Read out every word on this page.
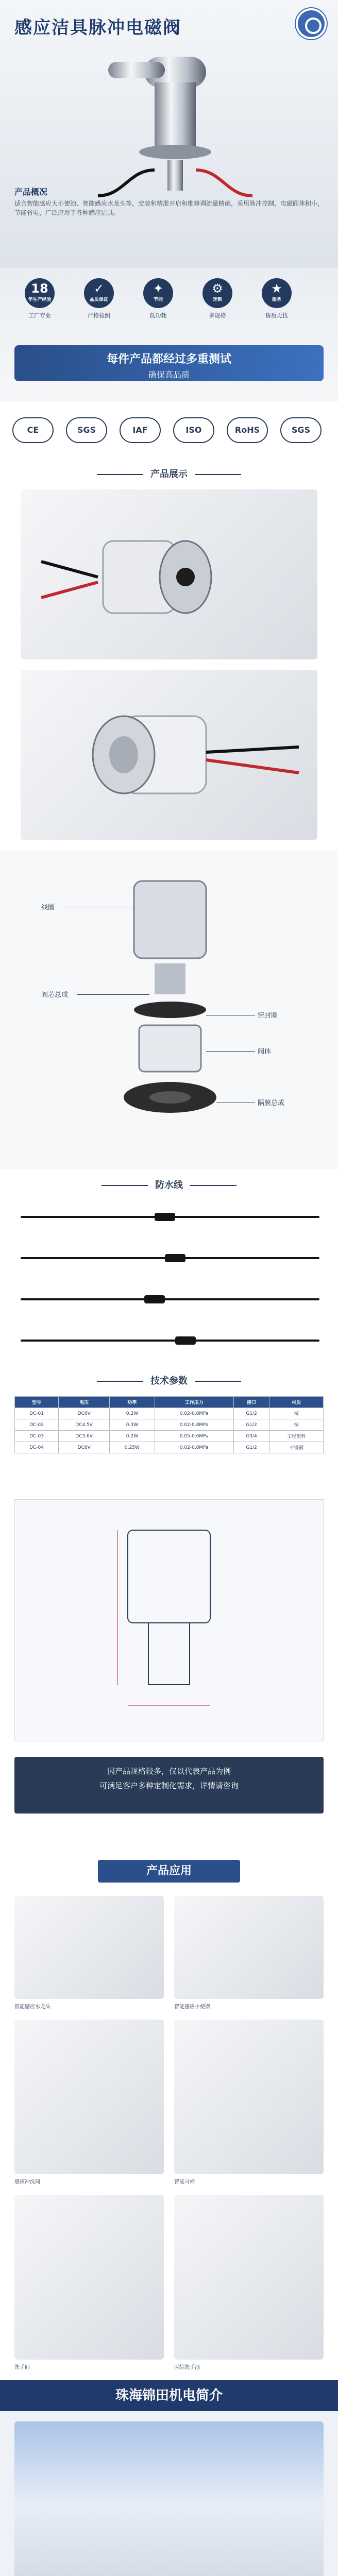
感应洁具脉冲电磁阀
产品概况
适合智能感应大小便池、智能感应水龙头等，安装和精准开启和维修调流量精确，采用脉冲控制，电磁阀体积小，节能省电，广泛应用于各种感应洁具。
18
年生产经验
工厂专业
✓
品质保证
严格检测
✦
节能
低功耗
⚙
定制
多规格
★
服务
售后无忧
每件产品都经过多重测试
确保高品质
CE	SGS	IAF	ISO	RoHS	SGS
产品展示
线圈
阀芯总成
密封圈
阀体
隔膜总成
防水线
技术参数
型号	电压	功率	工作压力	接口	材质
DC-01	DC6V	0.2W	0.02-0.8MPa	G1/2	铜
DC-02	DC4.5V	0.3W	0.02-0.8MPa	G1/2	铜
DC-03	DC3.6V	0.2W	0.05-0.6MPa	G3/4	工程塑料
DC-04	DC6V	0.25W	0.02-0.8MPa	G1/2	不锈钢
因产品规格较多，仅以代表产品为例
可满足客户多种定制化需求，详情请咨询
产品应用
智能感应水龙头	智能感应小便器
感应冲洗阀	智能马桶
洗手间	医院洗手池
珠海锦田机电简介
